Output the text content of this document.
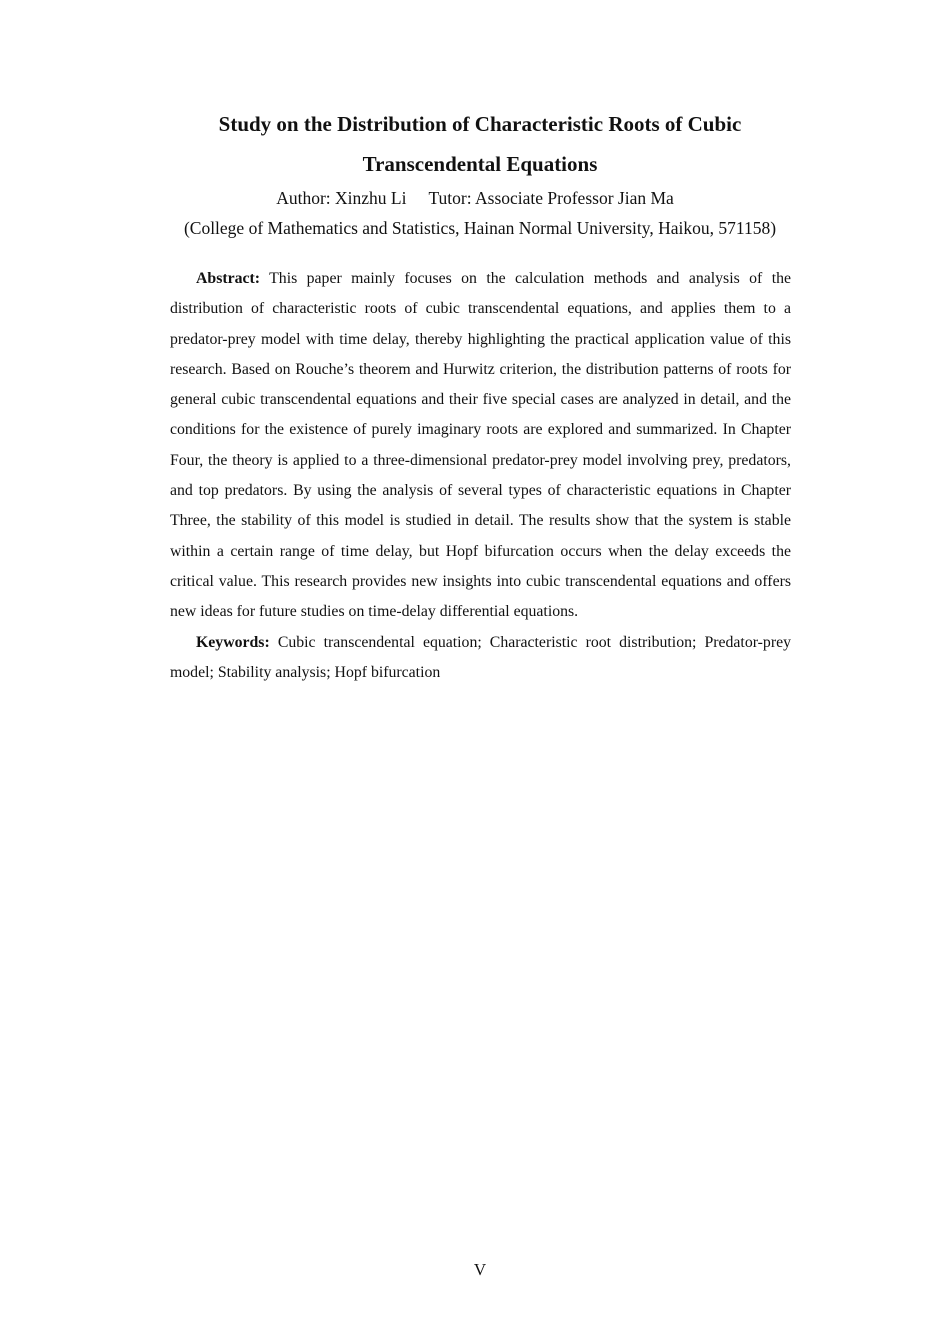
Study on the Distribution of Characteristic Roots of Cubic
Transcendental Equations

Author: Xinzhu Li Tutor: Associate Professor Jian Ma

(College of Mathematics and Statistics, Hainan Normal University, Haikou, 571158)

Abstract: This paper mainly focuses on the calculation methods and analysis of the distribution of characteristic roots of cubic transcendental equations, and applies them to a predator-prey model with time delay, thereby highlighting the practical application value of this research. Based on Rouche’s theorem and Hurwitz criterion, the distribution patterns of roots for general cubic transcendental equations and their five special cases are analyzed in detail, and the conditions for the existence of purely imaginary roots are explored and summarized. In Chapter Four, the theory is applied to a three-dimensional predator-prey model involving prey, predators, and top predators. By using the analysis of several types of characteristic equations in Chapter Three, the stability of this model is studied in detail. The results show that the system is stable within a certain range of time delay, but Hopf bifurcation occurs when the delay exceeds the critical value. This research provides new insights into cubic transcendental equations and offers new ideas for future studies on time-delay differential equations.

Keywords: Cubic transcendental equation; Characteristic root distribution; Predator-prey model; Stability analysis; Hopf bifurcation

V
